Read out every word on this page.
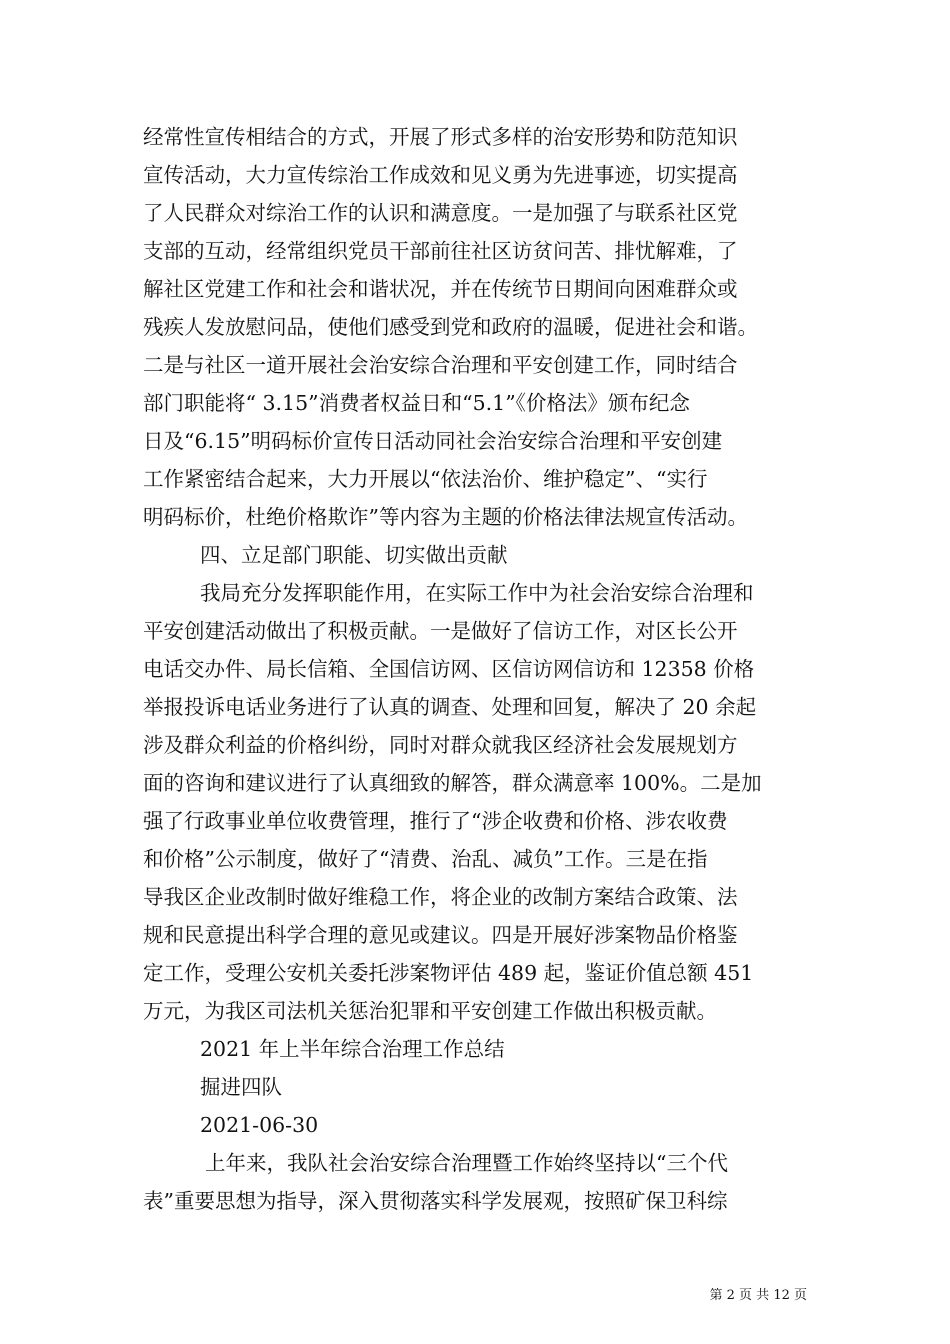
经常性宣传相结合的方式，开展了形式多样的治安形势和防范知识
宣传活动，大力宣传综治工作成效和见义勇为先进事迹，切实提高
了人民群众对综治工作的认识和满意度。一是加强了与联系社区党
支部的互动，经常组织党员干部前往社区访贫问苦、排忧解难，了
解社区党建工作和社会和谐状况，并在传统节日期间向困难群众或
残疾人发放慰问品，使他们感受到党和政府的温暖，促进社会和谐。
二是与社区一道开展社会治安综合治理和平安创建工作，同时结合
部门职能将“ 3.15”消费者权益日和“5.1”《价格法》颁布纪念
日及“6.15”明码标价宣传日活动同社会治安综合治理和平安创建
工作紧密结合起来，大力开展以“依法治价、维护稳定”、“实行
明码标价，杜绝价格欺诈”等内容为主题的价格法律法规宣传活动。
四、立足部门职能、切实做出贡献
我局充分发挥职能作用，在实际工作中为社会治安综合治理和
平安创建活动做出了积极贡献。一是做好了信访工作，对区长公开
电话交办件、局长信箱、全国信访网、区信访网信访和 12358 价格
举报投诉电话业务进行了认真的调查、处理和回复，解决了 20 余起
涉及群众利益的价格纠纷，同时对群众就我区经济社会发展规划方
面的咨询和建议进行了认真细致的解答，群众满意率 100%。二是加
强了行政事业单位收费管理，推行了“涉企收费和价格、涉农收费
和价格”公示制度，做好了“清费、治乱、减负”工作。三是在指
导我区企业改制时做好维稳工作，将企业的改制方案结合政策、法
规和民意提出科学合理的意见或建议。四是开展好涉案物品价格鉴
定工作，受理公安机关委托涉案物评估 489 起，鉴证价值总额 451
万元，为我区司法机关惩治犯罪和平安创建工作做出积极贡献。
2021 年上半年综合治理工作总结
掘进四队
2021-06-30
上年来，我队社会治安综合治理暨工作始终坚持以“三个代
表”重要思想为指导，深入贯彻落实科学发展观，按照矿保卫科综
第 2 页 共 12 页
